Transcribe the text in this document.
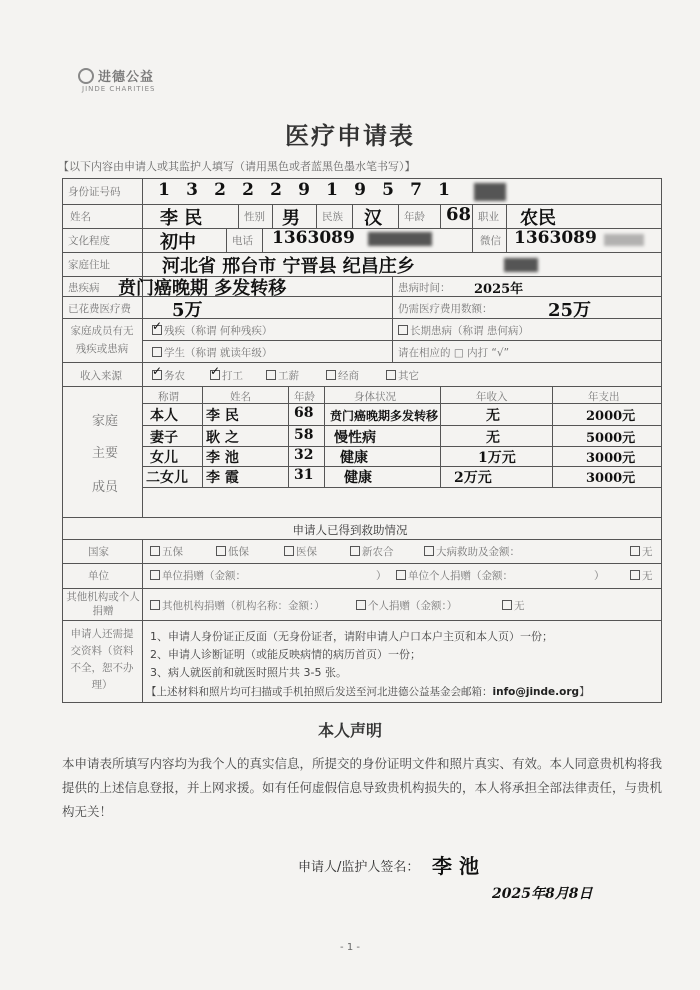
进德公益
JINDE CHARITIES
医疗申请表
【以下内容由申请人或其监护人填写（请用黑色或者蓝黑色墨水笔书写）】
身份证号码	1 3 2 2 2 9 1 9 5 7 1
姓名	李 民	性别 男 民族 汉 年龄 68 职业 农民
文化程度	初中	电话 1363089	微信 1363089
家庭住址	河北省 邢台市 宁晋县 纪昌庄乡
患疾病 贲门癌晚期 多发转移	患病时间： 2025年
已花费医疗费 5万	仍需医疗费用数额：	25万
家庭成员有无残疾或患病
✓残疾（称谓 何种残疾）	长期患病（称谓 患何病）
学生（称谓 就读年级）	请在相应的 □ 内打 “√”
收入来源 ✓	务农 ✓	打工	工薪	经商	其它
家庭
主要
成员
称谓	姓名	年龄	身体状况	年收入	年支出
本人 李 民	68 贲门癌晚期多发转移	无	2000元
妻子 耿 之	58 慢性病	无	5000元
女儿 李 池	32 健康	1万元	3000元
二女儿 李 霞	31 健康	2万元	3000元
申请人已得到救助情况
国家	五保	低保	医保	新农合	大病救助及金额：	无
单位	单位捐赠（金额：	）	单位个人捐赠（金额：	）	无
其他机构或个人捐赠	其他机构捐赠（机构名称：金额：）	个人捐赠（金额：）	无
申请人还需提交资料（资料不全，恕不办理）
1、申请人身份证正反面（无身份证者，请附申请人户口本户主页和本人页）一份；
2、申请人诊断证明（或能反映病情的病历首页）一份；
3、病人就医前和就医时照片共 3-5 张。
【上述材料和照片均可扫描或手机拍照后发送至河北进德公益基金会邮箱：info@jinde.org】
本人声明
本申请表所填写内容均为我个人的真实信息，所提交的身份证明文件和照片真实、有效。本人同意贵机构将我提供的上述信息登报，并上网求援。如有任何虚假信息导致贵机构损失的，本人将承担全部法律责任，与贵机构无关！
申请人/监护人签名： 李 池
2025年8月8日
- 1 -
